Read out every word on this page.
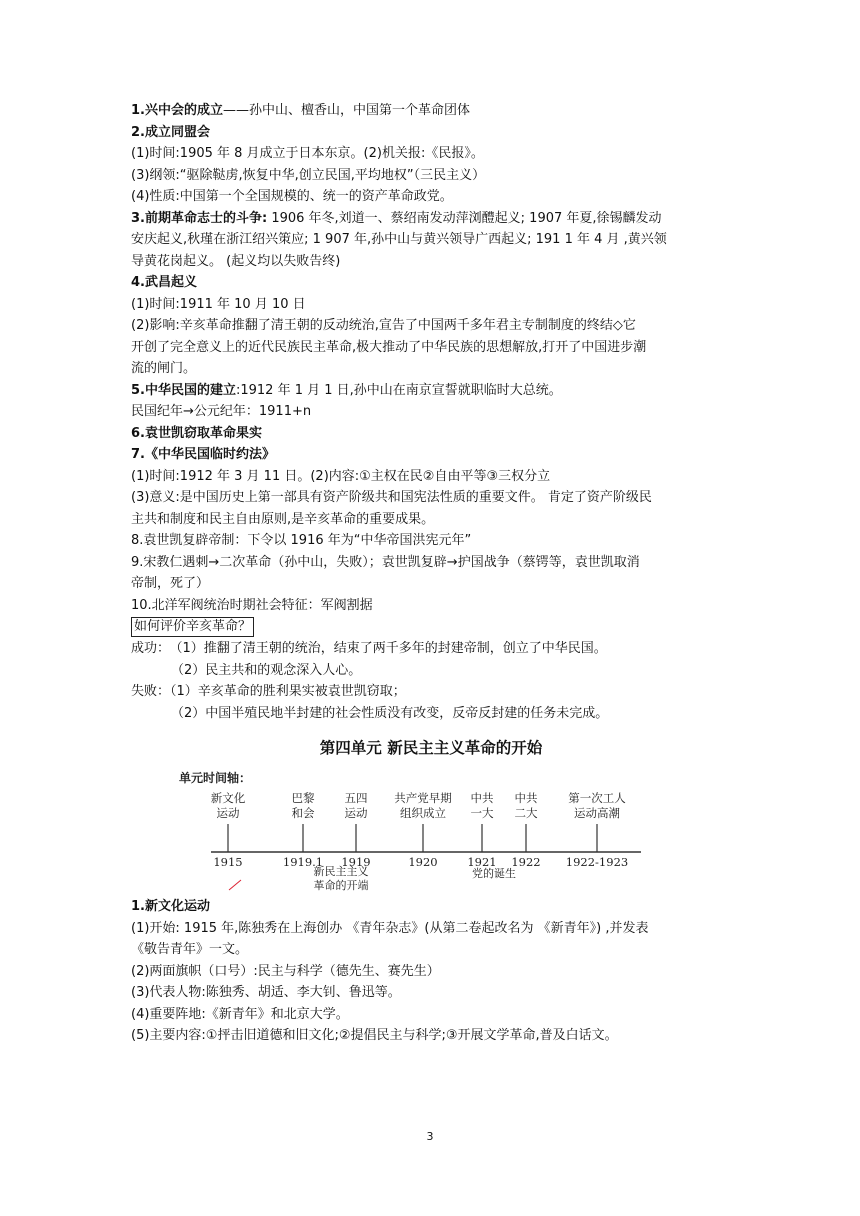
1.兴中会的成立——孙中山、檀香山，中国第一个革命团体
2.成立同盟会
(1)时间:1905 年 8 月成立于日本东京。(2)机关报:《民报》。
(3)纲领:“驱除鞑虏,恢复中华,创立民国,平均地权”（三民主义）
(4)性质:中国第一个全国规模的、统一的资产革命政党。
3.前期革命志士的斗争: 1906 年冬,刘道一、蔡绍南发动萍浏醴起义; 1907 年夏,徐锡麟发动
安庆起义,秋瑾在浙江绍兴策应; 1 907 年,孙中山与黄兴领导广西起义; 191 1 年 4 月 ,黄兴领
导黄花岗起义。 (起义均以失败告终)
4.武昌起义
(1)时间:1911 年 10 月 10 日
(2)影响:辛亥革命推翻了清王朝的反动统治,宣告了中国两千多年君主专制制度的终结◇它
开创了完全意义上的近代民族民主革命,极大推动了中华民族的思想解放,打开了中国进步潮
流的闸门。
5.中华民国的建立:1912 年 1 月 1 日,孙中山在南京宣誓就职临时大总统。
民国纪年→公元纪年：1911+n
6.袁世凯窃取革命果实
7.《中华民国临时约法》
(1)时间:1912 年 3 月 11 日。(2)内容:①主权在民②自由平等③三权分立
(3)意义:是中国历史上第一部具有资产阶级共和国宪法性质的重要文件。 肯定了资产阶级民
主共和制度和民主自由原则,是辛亥革命的重要成果。
8.袁世凯复辟帝制：下令以 1916 年为“中华帝国洪宪元年”
9.宋教仁遇刺→二次革命（孙中山，失败）；袁世凯复辟→护国战争（蔡锷等，袁世凯取消
帝制，死了）
10.北洋军阀统治时期社会特征：军阀割据
如何评价辛亥革命？
成功： （1）推翻了清王朝的统治，结束了两千多年的封建帝制，创立了中华民国。
（2）民主共和的观念深入人心。
失败：（1）辛亥革命的胜利果实被袁世凯窃取；
（2）中国半殖民地半封建的社会性质没有改变，反帝反封建的任务未完成。
第四单元 新民主主义革命的开始
单元时间轴：
新文化
运动
1915
巴黎
和会
1919.1
五四
运动
1919
共产党早期
组织成立
1920
中共
一大
1921
中共
二大
1922
第一次工人
运动高潮
1922-1923
新民主主义
革命的开端
党的诞生
1.新文化运动
(1)开始: 1915 年,陈独秀在上海创办 《青年杂志》(从第二卷起改名为 《新青年》) ,并发表
《敬告青年》一文。
(2)两面旗帜（口号）:民主与科学（德先生、赛先生）
(3)代表人物:陈独秀、胡适、李大钊、鲁迅等。
(4)重要阵地:《新青年》和北京大学。
(5)主要内容:①抨击旧道德和旧文化;②提倡民主与科学;③开展文学革命,普及白话文。
3
